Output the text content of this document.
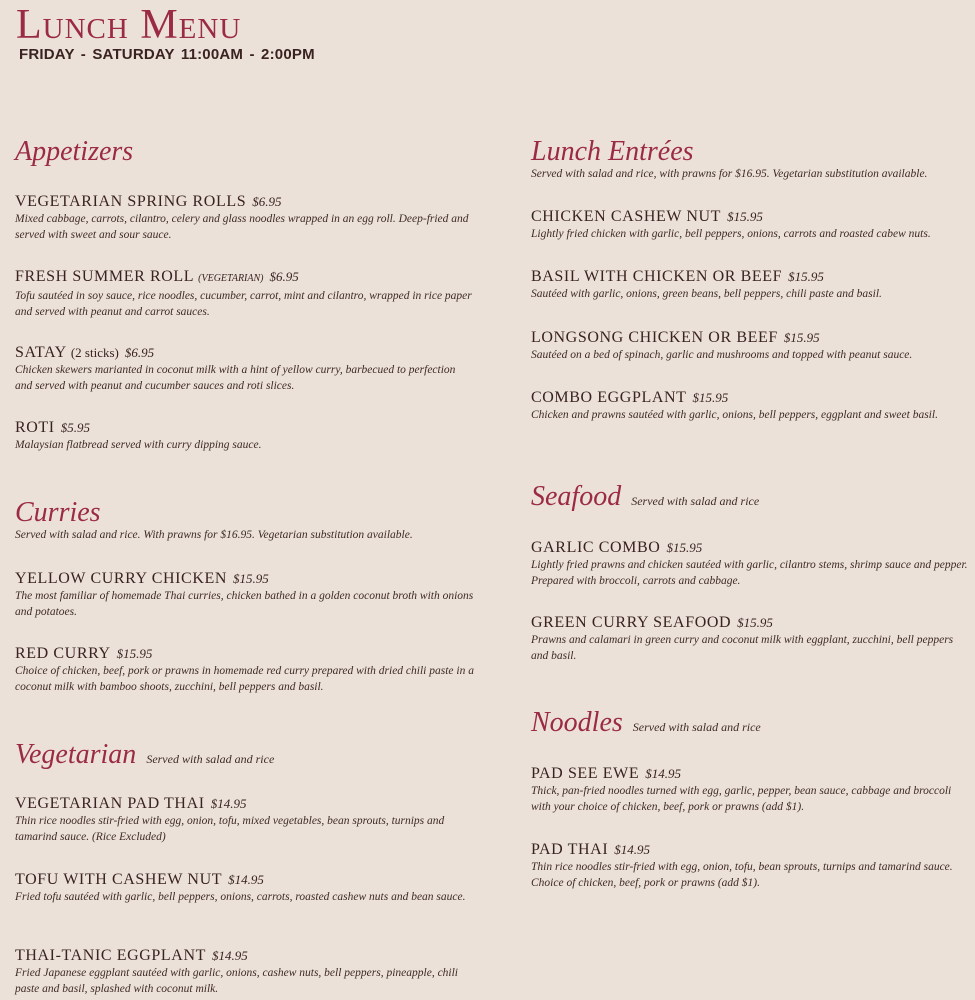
Lunch Menu
FRIDAY - SATURDAY 11:00AM - 2:00PM
Appetizers
VEGETARIAN SPRING ROLLS $6.95
Mixed cabbage, carrots, cilantro, celery and glass noodles wrapped in an egg roll. Deep-fried and served with sweet and sour sauce.
FRESH SUMMER ROLL (VEGETARIAN) $6.95
Tofu sautéed in soy sauce, rice noodles, cucumber, carrot, mint and cilantro, wrapped in rice paper and served with peanut and carrot sauces.
SATAY (2 sticks) $6.95
Chicken skewers marianted in coconut milk with a hint of yellow curry, barbecued to perfection and served with peanut and cucumber sauces and roti slices.
ROTI $5.95
Malaysian flatbread served with curry dipping sauce.
Curries
Served with salad and rice. With prawns for $16.95. Vegetarian substitution available.
YELLOW CURRY CHICKEN $15.95
The most familiar of homemade Thai curries, chicken bathed in a golden coconut broth with onions and potatoes.
RED CURRY $15.95
Choice of chicken, beef, pork or prawns in homemade red curry prepared with dried chili paste in a coconut milk with bamboo shoots, zucchini, bell peppers and basil.
Vegetarian Served with salad and rice
VEGETARIAN PAD THAI $14.95
Thin rice noodles stir-fried with egg, onion, tofu, mixed vegetables, bean sprouts, turnips and tamarind sauce. (Rice Excluded)
TOFU WITH CASHEW NUT $14.95
Fried tofu sautéed with garlic, bell peppers, onions, carrots, roasted cashew nuts and bean sauce.
THAI-TANIC EGGPLANT $14.95
Fried Japanese eggplant sautéed with garlic, onions, cashew nuts, bell peppers, pineapple, chili paste and basil, splashed with coconut milk.
Lunch Entrées
Served with salad and rice, with prawns for $16.95. Vegetarian substitution available.
CHICKEN CASHEW NUT $15.95
Lightly fried chicken with garlic, bell peppers, onions, carrots and roasted cabew nuts.
BASIL WITH CHICKEN OR BEEF $15.95
Sautéed with garlic, onions, green beans, bell peppers, chili paste and basil.
LONGSONG CHICKEN OR BEEF $15.95
Sautéed on a bed of spinach, garlic and mushrooms and topped with peanut sauce.
COMBO EGGPLANT $15.95
Chicken and prawns sautéed with garlic, onions, bell peppers, eggplant and sweet basil.
Seafood Served with salad and rice
GARLIC COMBO $15.95
Lightly fried prawns and chicken sautéed with garlic, cilantro stems, shrimp sauce and pepper. Prepared with broccoli, carrots and cabbage.
GREEN CURRY SEAFOOD $15.95
Prawns and calamari in green curry and coconut milk with eggplant, zucchini, bell peppers and basil.
Noodles Served with salad and rice
PAD SEE EWE $14.95
Thick, pan-fried noodles turned with egg, garlic, pepper, bean sauce, cabbage and broccoli with your choice of chicken, beef, pork or prawns (add $1).
PAD THAI $14.95
Thin rice noodles stir-fried with egg, onion, tofu, bean sprouts, turnips and tamarind sauce. Choice of chicken, beef, pork or prawns (add $1).
